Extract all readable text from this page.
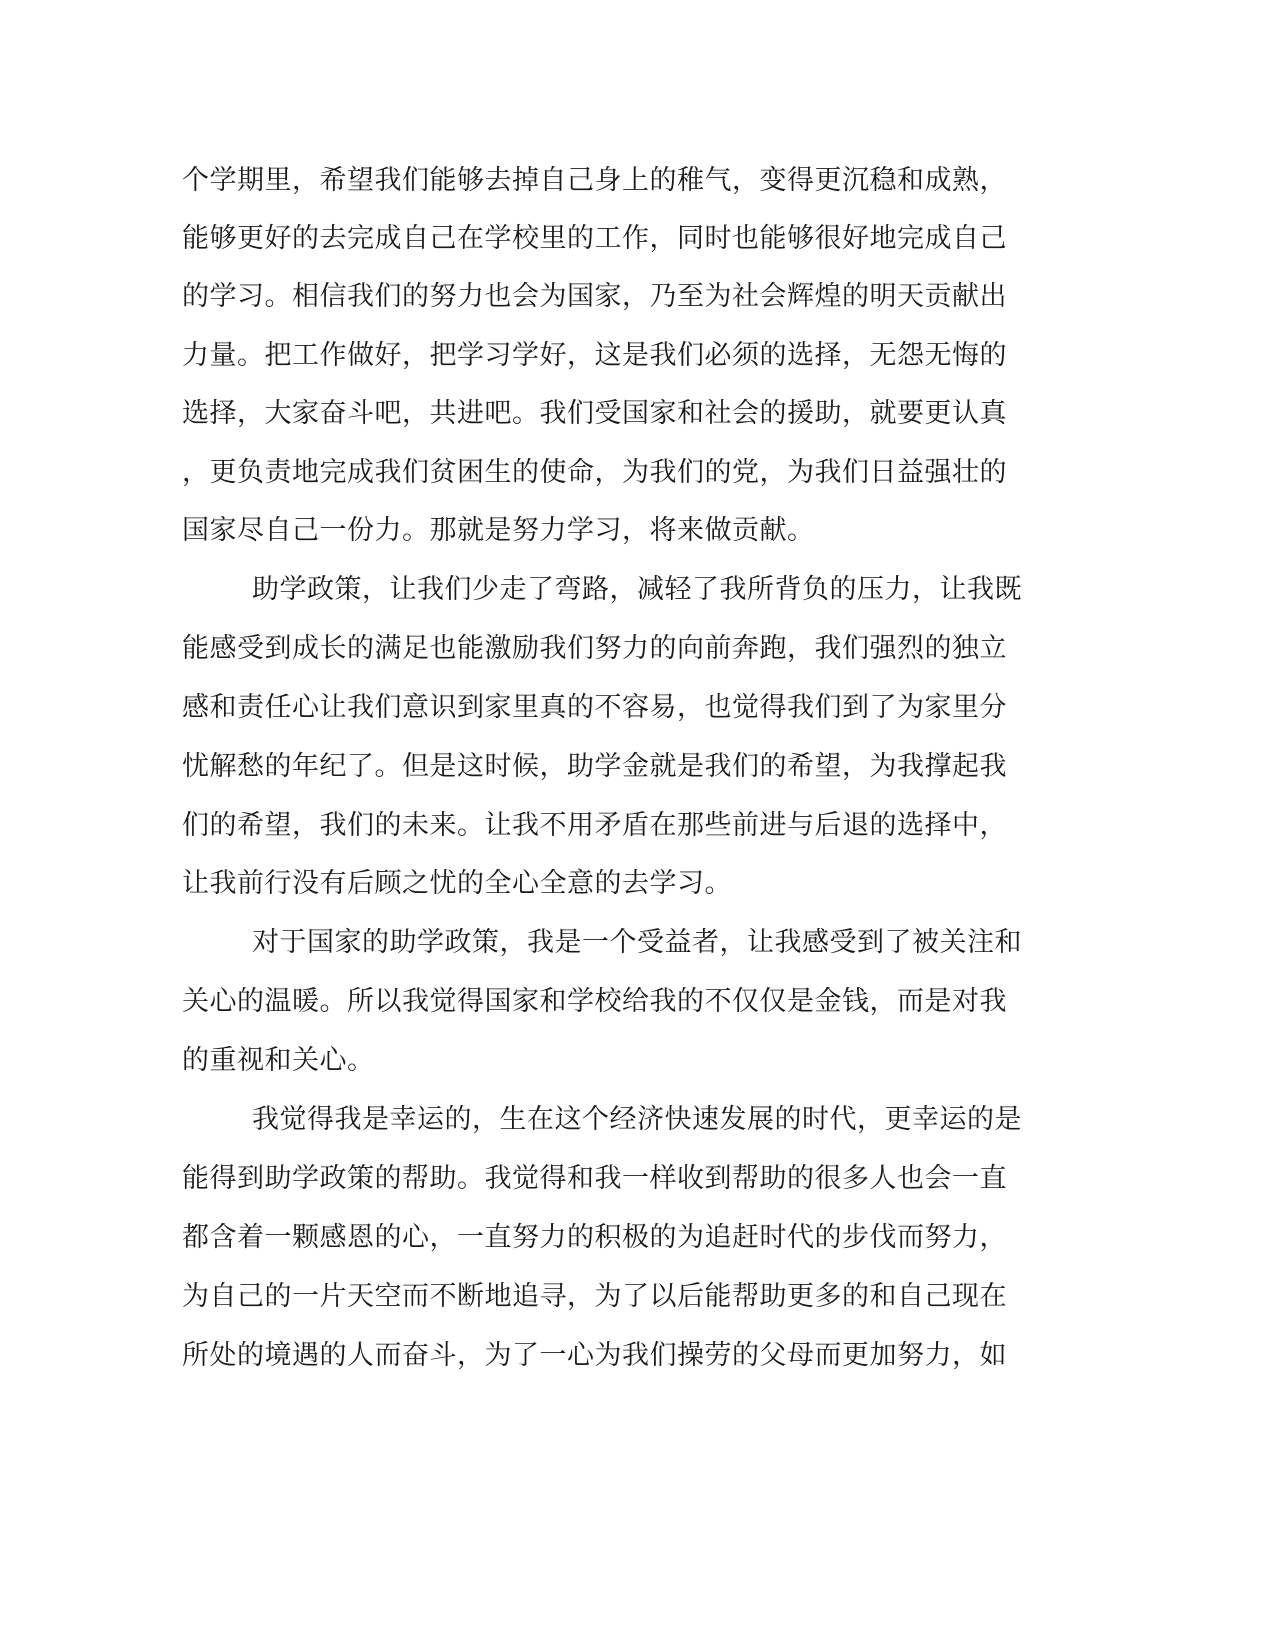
个学期里，希望我们能够去掉自己身上的稚气，变得更沉稳和成熟，
能够更好的去完成自己在学校里的工作，同时也能够很好地完成自己
的学习。相信我们的努力也会为国家，乃至为社会辉煌的明天贡献出
力量。把工作做好，把学习学好，这是我们必须的选择，无怨无悔的
选择，大家奋斗吧，共进吧。我们受国家和社会的援助，就要更认真
，更负责地完成我们贫困生的使命，为我们的党，为我们日益强壮的
国家尽自己一份力。那就是努力学习，将来做贡献。
助学政策，让我们少走了弯路，减轻了我所背负的压力，让我既
能感受到成长的满足也能激励我们努力的向前奔跑，我们强烈的独立
感和责任心让我们意识到家里真的不容易，也觉得我们到了为家里分
忧解愁的年纪了。但是这时候，助学金就是我们的希望，为我撑起我
们的希望，我们的未来。让我不用矛盾在那些前进与后退的选择中，
让我前行没有后顾之忧的全心全意的去学习。
对于国家的助学政策，我是一个受益者，让我感受到了被关注和
关心的温暖。所以我觉得国家和学校给我的不仅仅是金钱，而是对我
的重视和关心。
我觉得我是幸运的，生在这个经济快速发展的时代，更幸运的是
能得到助学政策的帮助。我觉得和我一样收到帮助的很多人也会一直
都含着一颗感恩的心，一直努力的积极的为追赶时代的步伐而努力，
为自己的一片天空而不断地追寻，为了以后能帮助更多的和自己现在
所处的境遇的人而奋斗，为了一心为我们操劳的父母而更加努力，如
